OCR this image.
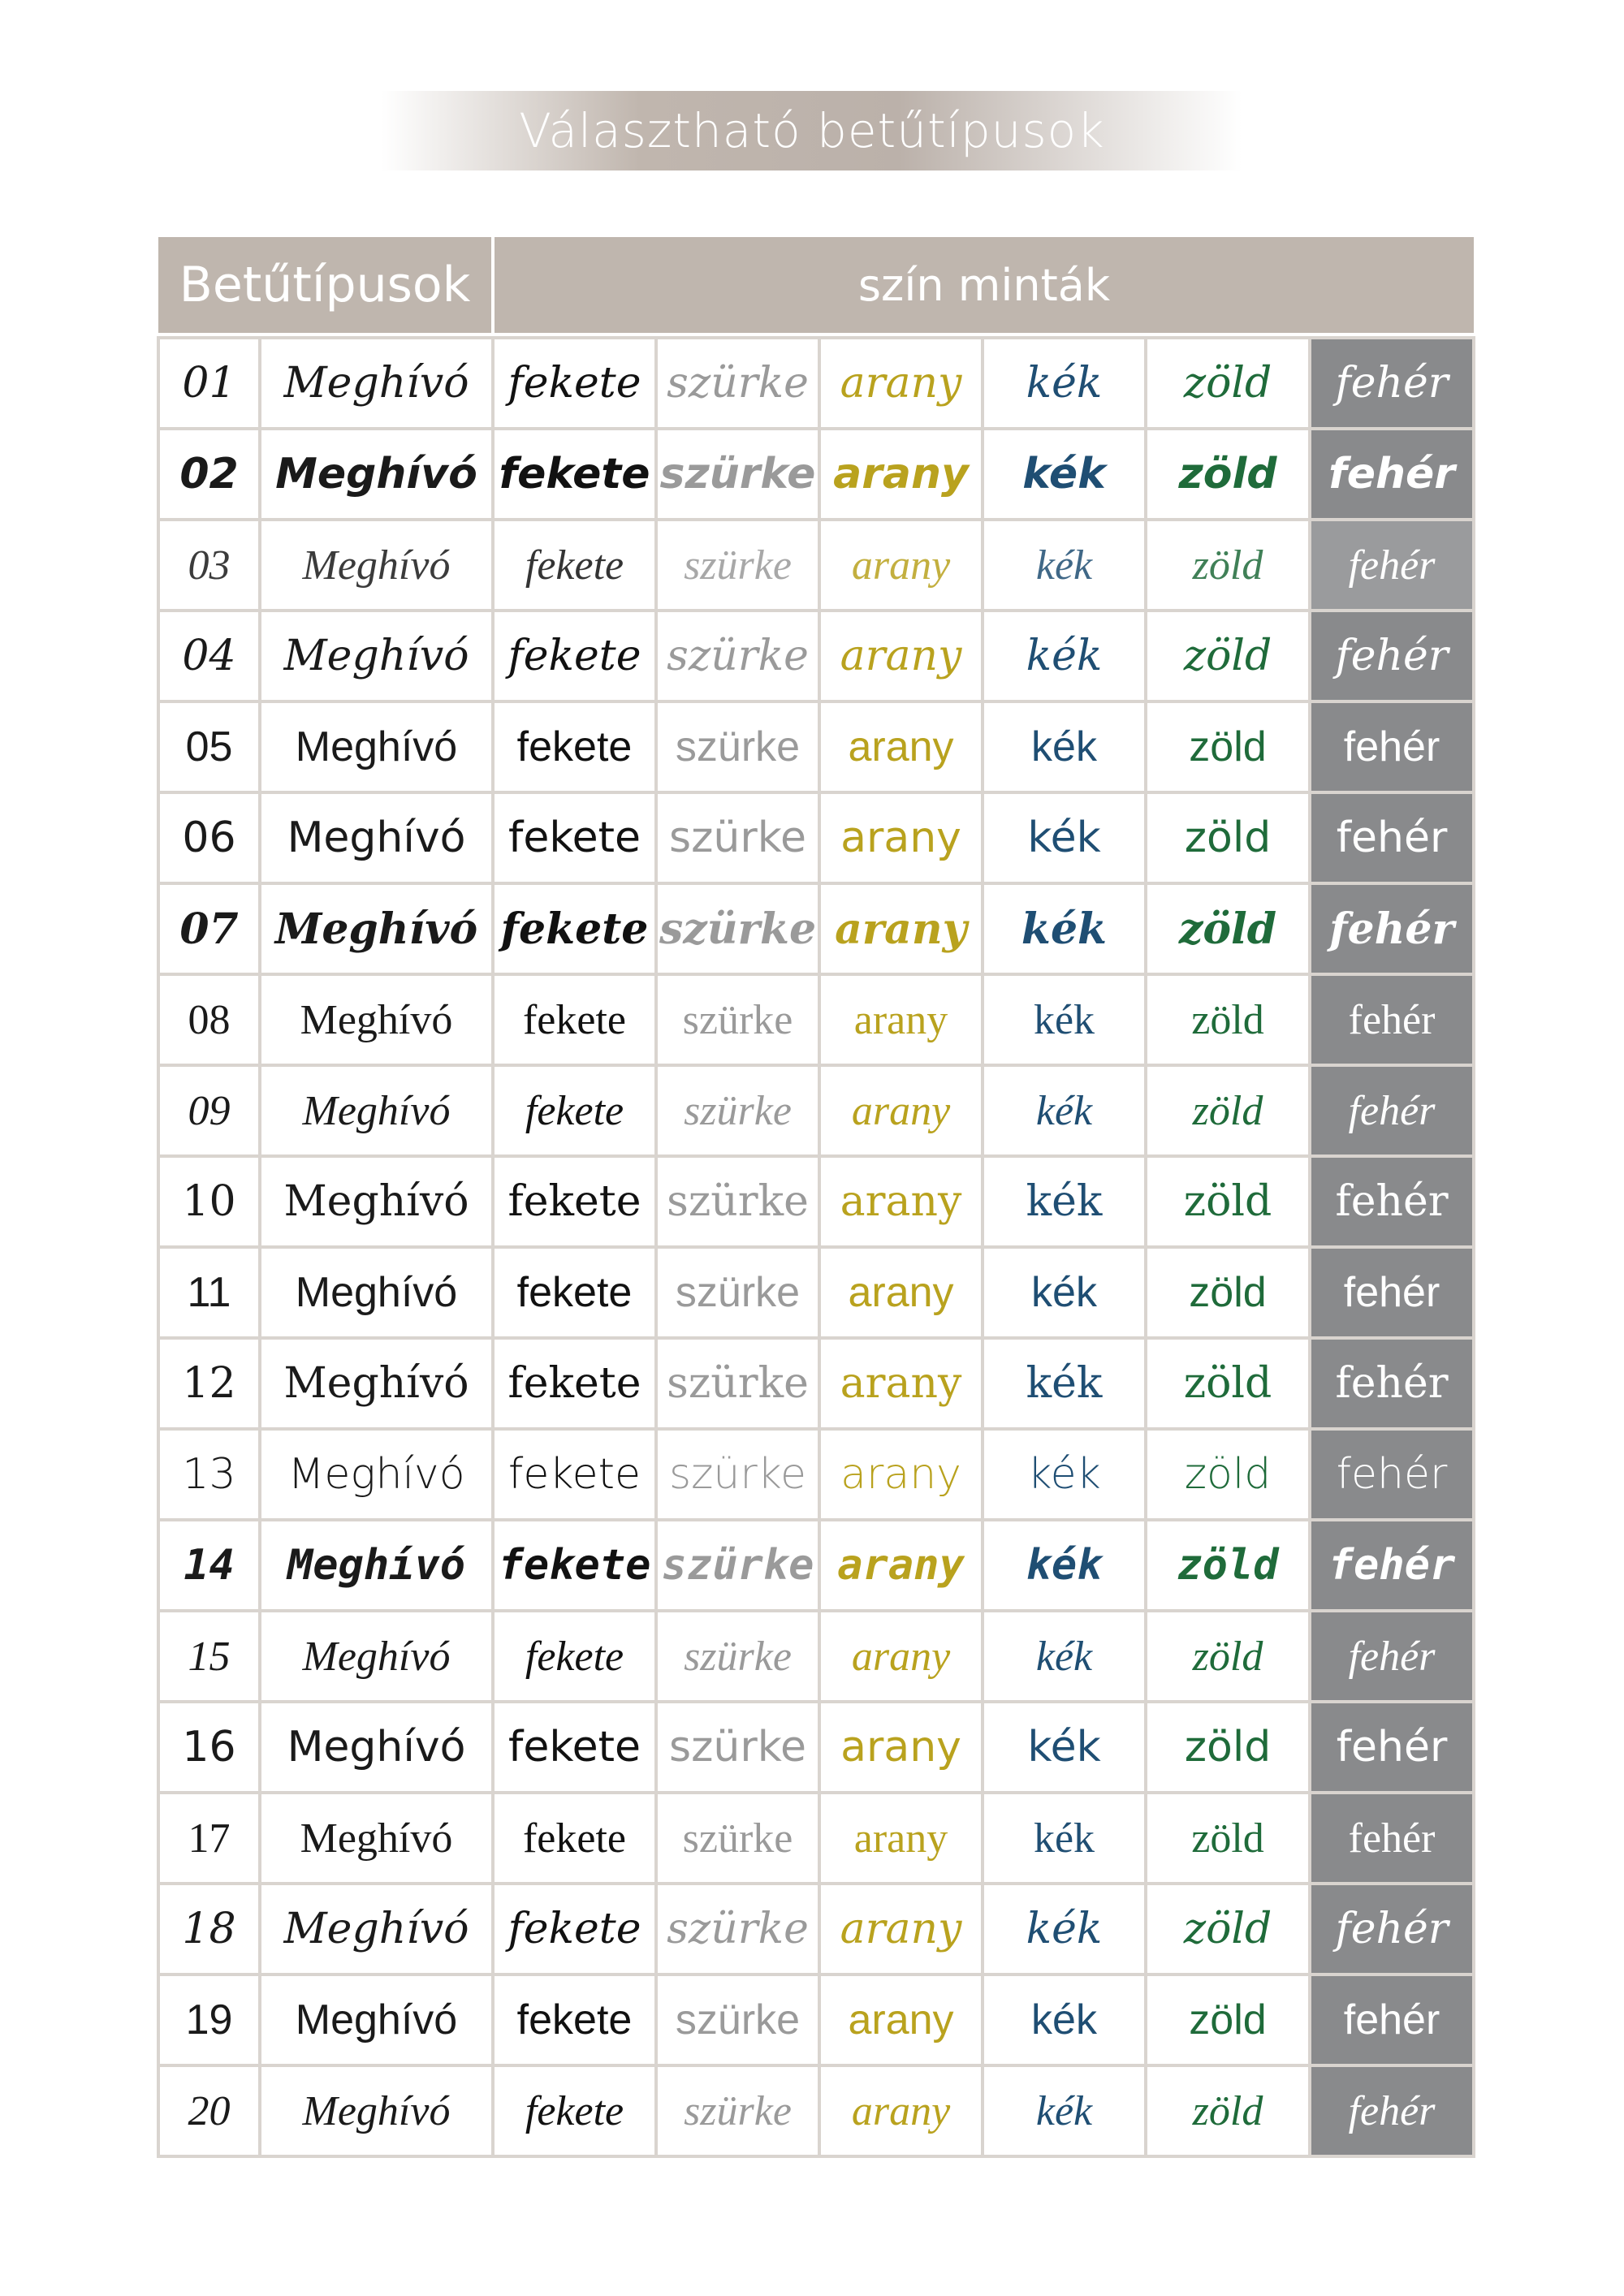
Választható betűtípusok
Betűtípusok		szín minták					

01	Meghívó	fekete	szürke	arany	kék	zöld	fehér
02	Meghívó	fekete	szürke	arany	kék	zöld	fehér
03	Meghívó	fekete	szürke	arany	kék	zöld	fehér
04	Meghívó	fekete	szürke	arany	kék	zöld	fehér
05	Meghívó	fekete	szürke	arany	kék	zöld	fehér
06	Meghívó	fekete	szürke	arany	kék	zöld	fehér
07	Meghívó	fekete	szürke	arany	kék	zöld	fehér
08	Meghívó	fekete	szürke	arany	kék	zöld	fehér
09	Meghívó	fekete	szürke	arany	kék	zöld	fehér
10	Meghívó	fekete	szürke	arany	kék	zöld	fehér
11	Meghívó	fekete	szürke	arany	kék	zöld	fehér
12	Meghívó	fekete	szürke	arany	kék	zöld	fehér
13	Meghívó	fekete	szürke	arany	kék	zöld	fehér
14	Meghívó	fekete	szürke	arany	kék	zöld	fehér
15	Meghívó	fekete	szürke	arany	kék	zöld	fehér
16	Meghívó	fekete	szürke	arany	kék	zöld	fehér
17	Meghívó	fekete	szürke	arany	kék	zöld	fehér
18	Meghívó	fekete	szürke	arany	kék	zöld	fehér
19	Meghívó	fekete	szürke	arany	kék	zöld	fehér
20	Meghívó	fekete	szürke	arany	kék	zöld	fehér
